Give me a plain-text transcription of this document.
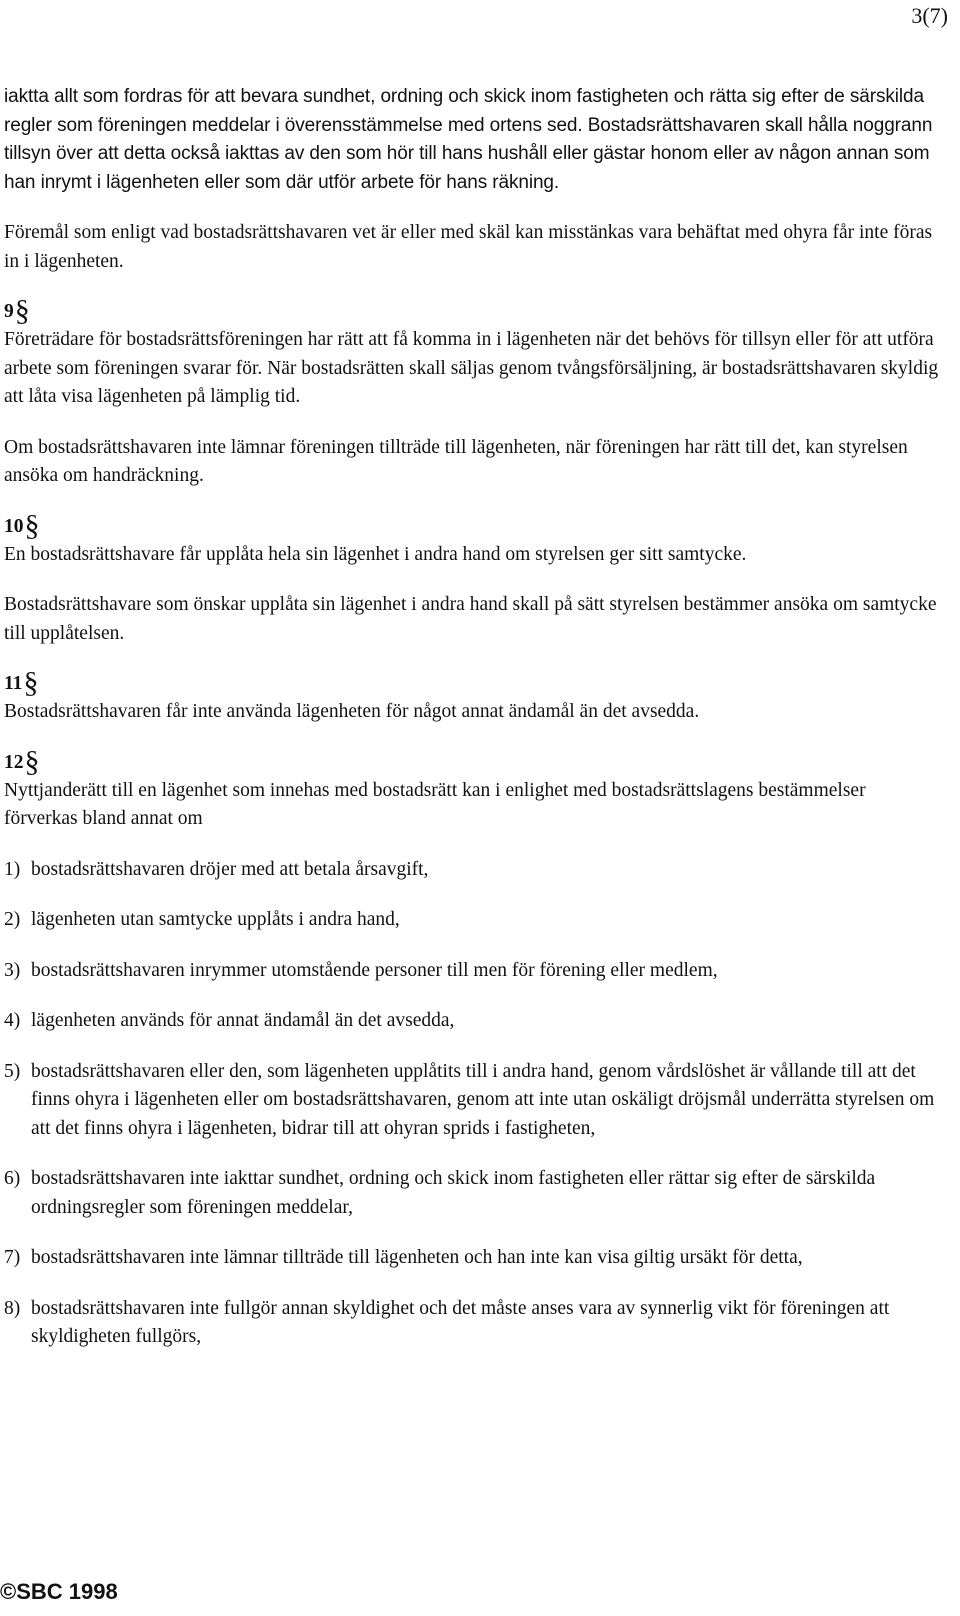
3(7)

iaktta allt som fordras för att bevara sundhet, ordning och skick inom fastigheten och rätta sig efter de särskilda regler som föreningen meddelar i överensstämmelse med ortens sed. Bostadsrättshavaren skall hålla noggrann tillsyn över att detta också iakttas av den som hör till hans hushåll eller gästar honom eller av någon annan som han inrymt i lägenheten eller som där utför arbete för hans räkning.

Föremål som enligt vad bostadsrättshavaren vet är eller med skäl kan misstänkas vara behäftat med ohyra får inte föras in i lägenheten.

9§

Företrädare för bostadsrättsföreningen har rätt att få komma in i lägenheten när det behövs för tillsyn eller för att utföra arbete som föreningen svarar för. När bostadsrätten skall säljas genom tvångsförsäljning, är bostadsrättshavaren skyldig att låta visa lägenheten på lämplig tid.

Om bostadsrättshavaren inte lämnar föreningen tillträde till lägenheten, när föreningen har rätt till det, kan styrelsen ansöka om handräckning.

10§

En bostadsrättshavare får upplåta hela sin lägenhet i andra hand om styrelsen ger sitt samtycke.

Bostadsrättshavare som önskar upplåta sin lägenhet i andra hand skall på sätt styrelsen bestämmer ansöka om samtycke till upplåtelsen.

11§

Bostadsrättshavaren får inte använda lägenheten för något annat ändamål än det avsedda.

12§

Nyttjanderätt till en lägenhet som innehas med bostadsrätt kan i enlighet med bostadsrättslagens bestämmelser förverkas bland annat om

1) bostadsrättshavaren dröjer med att betala årsavgift,
2) lägenheten utan samtycke upplåts i andra hand,
3) bostadsrättshavaren inrymmer utomstående personer till men för förening eller medlem,
4) lägenheten används för annat ändamål än det avsedda,
5) bostadsrättshavaren eller den, som lägenheten upplåtits till i andra hand, genom vårdslöshet är vållande till att det finns ohyra i lägenheten eller om bostadsrättshavaren, genom att inte utan oskäligt dröjsmål underrätta styrelsen om att det finns ohyra i lägenheten, bidrar till att ohyran sprids i fastigheten,
6) bostadsrättshavaren inte iakttar sundhet, ordning och skick inom fastigheten eller rättar sig efter de särskilda ordningsregler som föreningen meddelar,
7) bostadsrättshavaren inte lämnar tillträde till lägenheten och han inte kan visa giltig ursäkt för detta,
8) bostadsrättshavaren inte fullgör annan skyldighet och det måste anses vara av synnerlig vikt för föreningen att skyldigheten fullgörs,
©SBC 1998
